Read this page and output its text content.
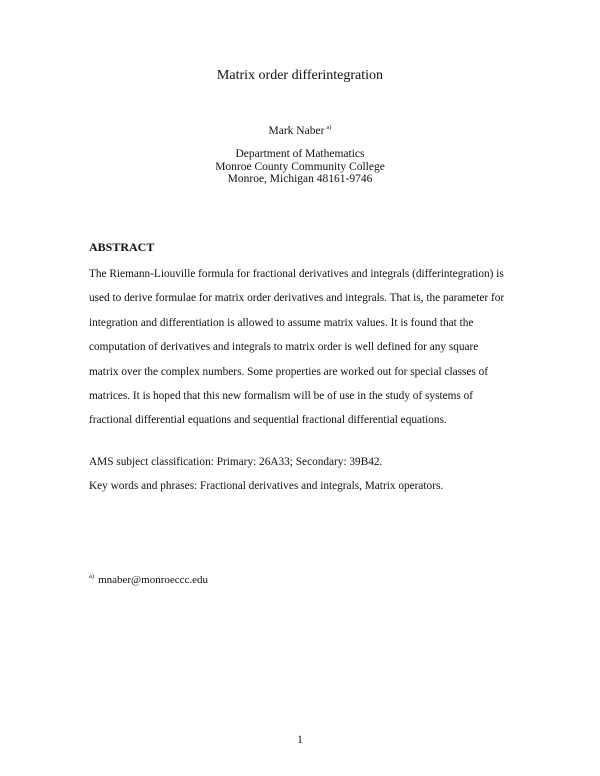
Matrix order differintegration
Mark Naber $^{a)}$
Department of Mathematics
Monroe County Community College
Monroe, Michigan 48161-9746
ABSTRACT
The Riemann-Liouville formula for fractional derivatives and integrals (differintegration) is
used to derive formulae for matrix order derivatives and integrals. That is, the parameter for
integration and differentiation is allowed to assume matrix values. It is found that the
computation of derivatives and integrals to matrix order is well defined for any square
matrix over the complex numbers. Some properties are worked out for special classes of
matrices. It is hoped that this new formalism will be of use in the study of systems of
fractional differential equations and sequential fractional differential equations.
AMS subject classification: Primary: 26A33; Secondary: 39B42.
Key words and phrases: Fractional derivatives and integrals, Matrix operators.
$^{a)}$ mnaber@monroeccc.edu
1
